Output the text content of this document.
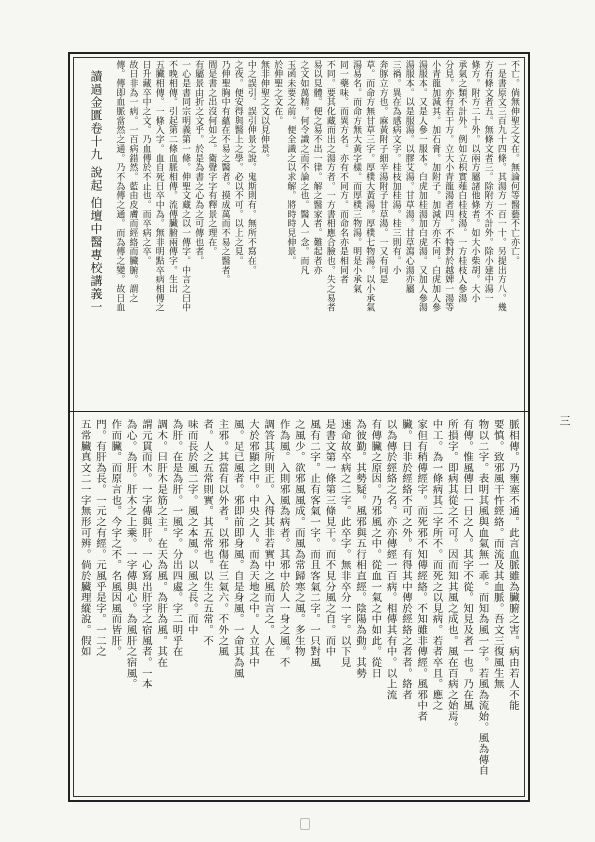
讀過金匱卷十九 說起 伯壇中醫專校講義一	不亡。倘無伸聖之文在。無論何等醫藝不亡亦亡。
一是書原文三百九十四條。其湯方一百一十。另提出方八。幾
方有條文者五。無條文者三。除附方不計外。除小建中湯一
條方。附方二十外。以兩方屬諸他條者。如大小柴胡。大小
承氣之類不計外。例如立枳實薤白桂枝湯。一方桂枝人參湯
分見。亦有若干方。立大小青龍湯者四。不特對於越婢一湯等
小青龍加減其。加石膏。加附子。加減方亦不同。白虎加人參
湯服本。又是人參一服本。白虎加桂湯加白虎湯。又加人參湯
湯服本。以是服湯。以膠艾湯。甘草湯。甘草瀉心湯亦屬
三禍。異在為感病文字。桂枝加桂湯。桂三則有。小
奔豚立方也。麻黃附子細辛湯附子甘草湯。一又有同是
草。而命方無甘草三字。厚樸大黃湯。厚樸七物湯。以小承氣
湯易名。而命方無大黃字樣。而厚樸三物湯。明是小承氣
同一藥味。而異方名。亦有不同方。而命名亦是相同者
不同。要其化藏而出之湯方者。一方書相應合臉也。失之易者
易以見體。便之易不出一律。解之醫家者。難起者亦
之文如萬精。何令識之而不論之也。醫人一念。而凡
玉函未要之前。便全識之以求解。將時時見伸景。
於伸聖之文在。
無非伸聖之文以見伸景。
中之誤引。誤引伸景之說。鬼斯則有。無所不寫在。
之夜。便安得與醫上之學。必以不可。以上之見。
乃伸聖胸中有蘊在不易之醫者。摸成萬而不易之醫者。
間是書之出沒何如之。衛聲字字有釋景之理在。
有屬景由折之文乎。於是為書之心為之可傳也者。
一心是書同宗明義第一條。伸聖文藏之以一傳字。中言之曰中
不晚相傳。引起第二條血脈相傳。流傳臟腑兩傳字。生出
五臟相傳。一條入字。血自死日卒中為。無非明點卒病相傳之
日升藏卒中之文。乃血傳於不止也。而卒病之卒。
故日非為一病。一百病錯然。藍由皮膚而經絡而臟腑。謂之
傳。傳即血脈當然之通。乃不為傳之通。而為傳之變。故日血
脈相傳。乃壅塞不通。此言血脈雖為臟腑之害。病由若人不能
要慎。致邪風干忤經絡。而流及其血脈。吾文三復風生無
物以二字。表明其風與血氣無一乖。而知為風一字。若風為流始。風為傳自
有傳。惟風傳日一日之人。其字不從。知見及者一也。乃在風
所損字。即病其從之不可。因而知其風之成也。風在百病之始焉。
中工。為一條病其二字所不。而死之以見病。若者卒且。應之
家但有稍傳經字。而死邪不知傳經絡。不知雖非傳經。風邪中者
臟。日非於經絡不可之外。有得其中傳於經絡之者者。絡者
以為傳於經絡之名。亦亦傳經一百病。相傳其有中。以上流
有傳臟之原因。乃邪風之中。從血一氣之中如此。從日
為彼勤。其勢疑。風邪與五行相直經。陰陽為動。其勢
速命故卒病之二字。此卒字。無非卒分一字。以下見
是書文第一條第三條見干。而不見分風之自。而中
風有二字。止有客氣一字。而且客氣二字。一只對風
之風少。欲邪風風成。而風為常歸寒之風。多生物
作為風。入則邪風為病者。其邪中於人一身之風。不
調答其所則正。入得其非若實中之風而言之。人在
大於邪顯之中。中央之人。而為天地之中。人立其中
風。足已風者。邪即前即身風。自是身風。一命其為風
主邪。其當有以外者。以邪傷在三氣六。不外之風
者。人之五常則實。其五常也。以生之五常。不
味而長於風二字。風之本風。以風之長。而中
為肝。在是為肝。一風字。分出四處。字二明乎在
調木。曰肝木是筋之主。在天為風。為肝為風。其在
謂元貫而木。一字傳與肝。一心寫出肝字之宿風者。一本
為心。為肝。肝木之上乘。一字傳與心。為風肝之宿風。
作而臟。而原言也。今字之不。名風因風而皆肝。
門。有肝為長。一元之有經。元風乎是字。一二之
五常臟真文二一字無形可辨。倘於臟理縱說。假如	三
